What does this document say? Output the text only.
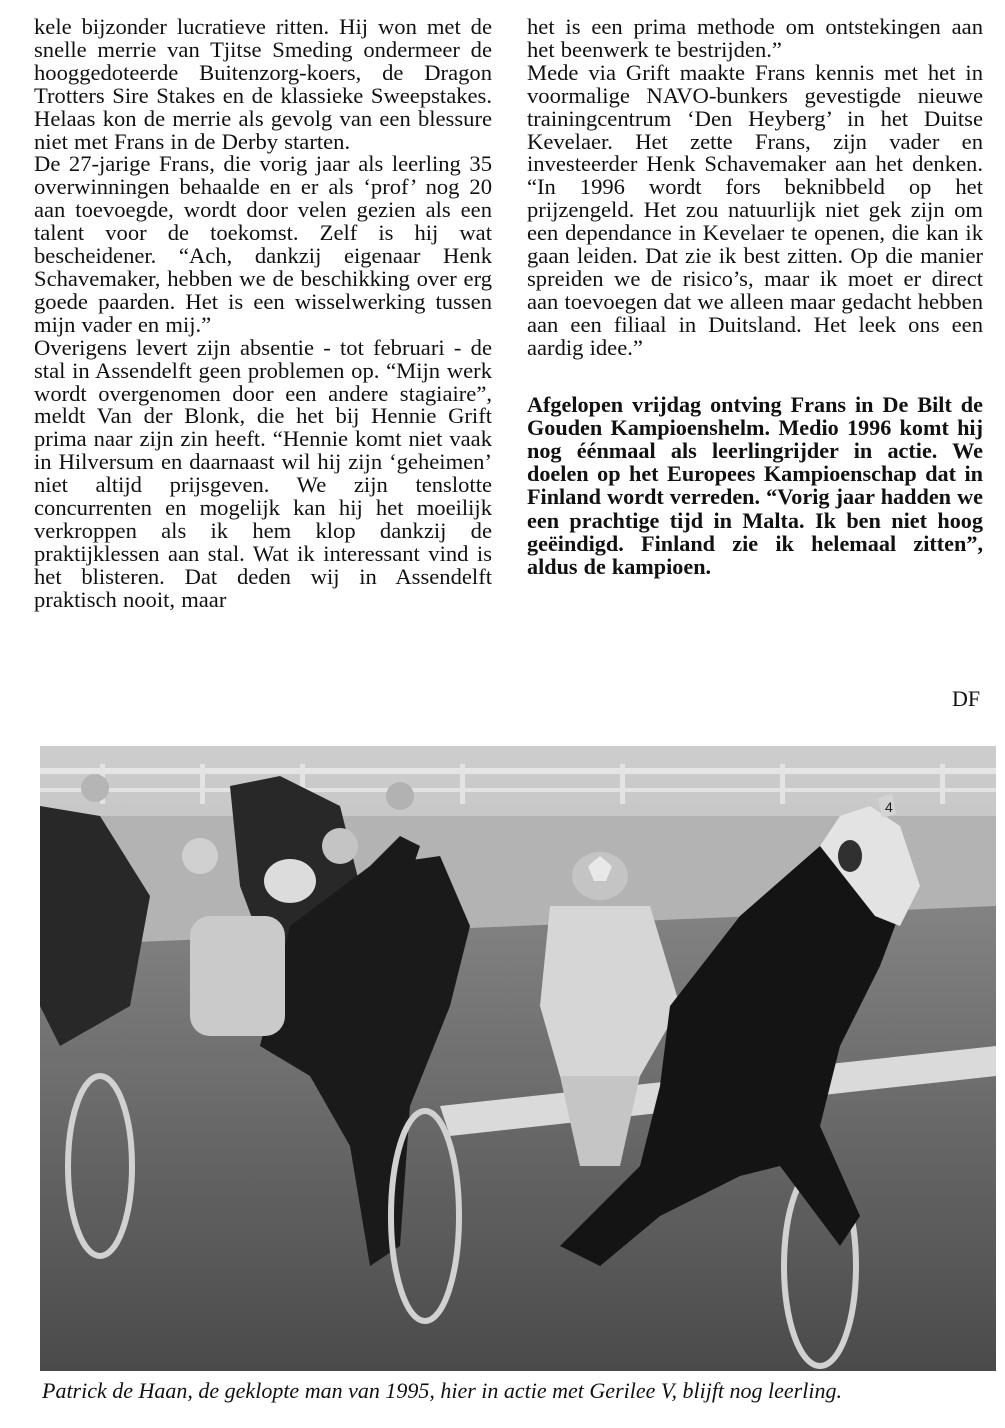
kele bijzonder lucratieve ritten. Hij won met de snelle merrie van Tjitse Smeding ondermeer de hooggedoteerde Buitenzorg-koers, de Dragon Trotters Sire Stakes en de klassieke Sweepstakes. Helaas kon de merrie als gevolg van een blessure niet met Frans in de Derby starten.

De 27-jarige Frans, die vorig jaar als leerling 35 overwinningen behaalde en er als ‘prof’ nog 20 aan toevoegde, wordt door velen gezien als een talent voor de toekomst. Zelf is hij wat bescheidener. “Ach, dankzij eigenaar Henk Schavemaker, hebben we de beschikking over erg goede paarden. Het is een wisselwerking tussen mijn vader en mij.”

Overigens levert zijn absentie - tot februari - de stal in Assendelft geen problemen op. “Mijn werk wordt overgenomen door een andere stagiaire”, meldt Van der Blonk, die het bij Hennie Grift prima naar zijn zin heeft. “Hennie komt niet vaak in Hilversum en daarnaast wil hij zijn ‘geheimen’ niet altijd prijsgeven. We zijn tenslotte concurrenten en mogelijk kan hij het moeilijk verkroppen als ik hem klop dankzij de praktijklessen aan stal. Wat ik interessant vind is het blisteren. Dat deden wij in Assendelft praktisch nooit, maar

het is een prima methode om ontstekingen aan het beenwerk te bestrijden.”

Mede via Grift maakte Frans kennis met het in voormalige NAVO-bunkers gevestigde nieuwe trainingcentrum ‘Den Heyberg’ in het Duitse Kevelaer. Het zette Frans, zijn vader en investeerder Henk Schavemaker aan het denken. “In 1996 wordt fors beknibbeld op het prijzengeld. Het zou natuurlijk niet gek zijn om een dependance in Kevelaer te openen, die kan ik gaan leiden. Dat zie ik best zitten. Op die manier spreiden we de risico’s, maar ik moet er direct aan toevoegen dat we alleen maar gedacht hebben aan een filiaal in Duitsland. Het leek ons een aardig idee.”

Afgelopen vrijdag ontving Frans in De Bilt de Gouden Kampioenshelm. Medio 1996 komt hij nog éénmaal als leerlingrijder in actie. We doelen op het Europees Kampioenschap dat in Finland wordt verreden. “Vorig jaar hadden we een prachtige tijd in Malta. Ik ben niet hoog geëindigd. Finland zie ik helemaal zitten”, aldus de kampioen.

DF
4
Patrick de Haan, de geklopte man van 1995, hier in actie met Gerilee V, blijft nog leerling.
